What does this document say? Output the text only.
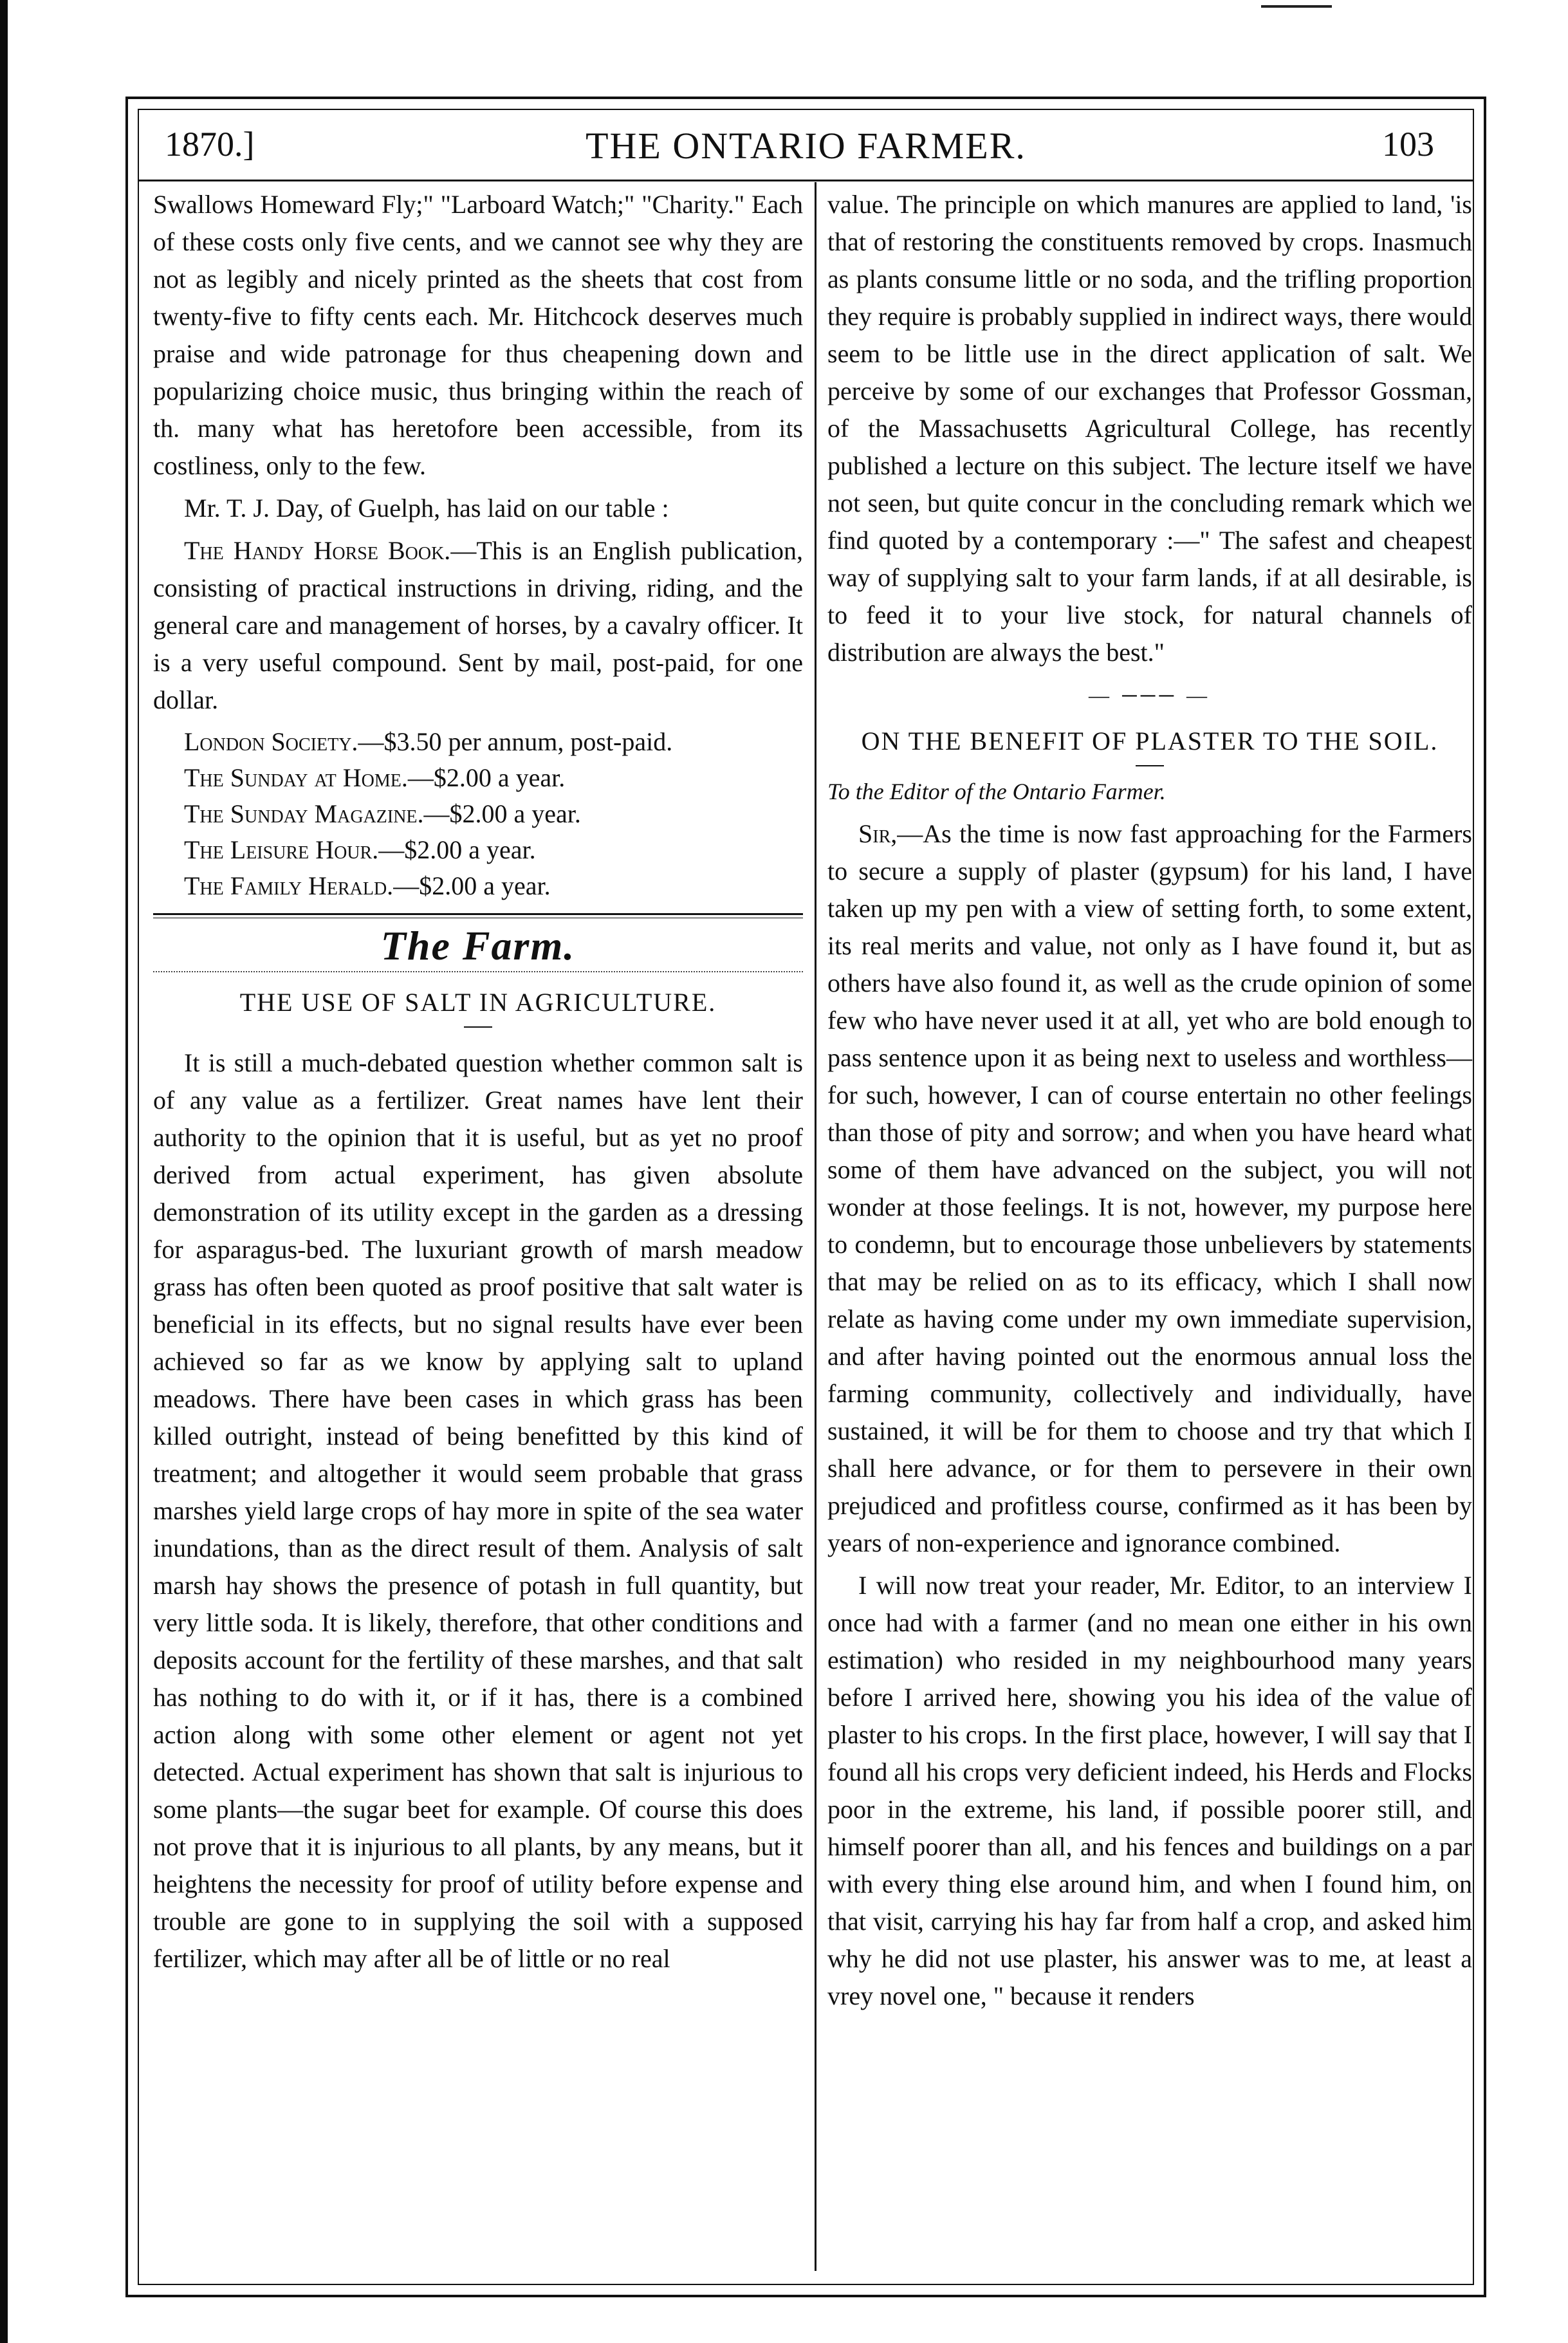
1870.]	THE ONTARIO FARMER.	103

Swallows Homeward Fly;" "Larboard Watch;" "Charity." Each of these costs only five cents, and we cannot see why they are not as legibly and nicely printed as the sheets that cost from twenty-five to fifty cents each. Mr. Hitchcock deserves much praise and wide patronage for thus cheapening down and popularizing choice music, thus bringing within the reach of th. many what has heretofore been accessible, from its costliness, only to the few.

Mr. T. J. Day, of Guelph, has laid on our table :

The Handy Horse Book.—This is an English publication, consisting of practical instructions in driving, riding, and the general care and management of horses, by a cavalry officer. It is a very useful compound. Sent by mail, post-paid, for one dollar.

London Society.—$3.50 per annum, post-paid.
The Sunday at Home.—$2.00 a year.
The Sunday Magazine.—$2.00 a year.
The Leisure Hour.—$2.00 a year.
The Family Herald.—$2.00 a year.
The Farm.
THE USE OF SALT IN AGRICULTURE.

It is still a much-debated question whether common salt is of any value as a fertilizer. Great names have lent their authority to the opinion that it is useful, but as yet no proof derived from actual experiment, has given absolute demonstration of its utility except in the garden as a dressing for asparagus-bed. The luxuriant growth of marsh meadow grass has often been quoted as proof positive that salt water is beneficial in its effects, but no signal results have ever been achieved so far as we know by applying salt to upland meadows. There have been cases in which grass has been killed outright, instead of being benefitted by this kind of treatment; and altogether it would seem probable that grass marshes yield large crops of hay more in spite of the sea water inundations, than as the direct result of them. Analysis of salt marsh hay shows the presence of potash in full quantity, but very little soda. It is likely, therefore, that other conditions and deposits account for the fertility of these marshes, and that salt has nothing to do with it, or if it has, there is a combined action along with some other element or agent not yet detected. Actual experiment has shown that salt is injurious to some plants—the sugar beet for example. Of course this does not prove that it is injurious to all plants, by any means, but it heightens the necessity for proof of utility before expense and trouble are gone to in supplying the soil with a supposed fertilizer, which may after all be of little or no real

value. The principle on which manures are applied to land, 'is that of restoring the constituents removed by crops. Inasmuch as plants consume little or no soda, and the trifling proportion they require is probably supplied in indirect ways, there would seem to be little use in the direct application of salt. We perceive by some of our exchanges that Professor Gossman, of the Massachusetts Agricultural College, has recently published a lecture on this subject. The lecture itself we have not seen, but quite concur in the concluding remark which we find quoted by a contemporary :—" The safest and cheapest way of supplying salt to your farm lands, if at all desirable, is to feed it to your live stock, for natural channels of distribution are always the best."

— ─── —
ON THE BENEFIT OF PLASTER TO THE SOIL.

To the Editor of the Ontario Farmer.

Sir,—As the time is now fast approaching for the Farmers to secure a supply of plaster (gypsum) for his land, I have taken up my pen with a view of setting forth, to some extent, its real merits and value, not only as I have found it, but as others have also found it, as well as the crude opinion of some few who have never used it at all, yet who are bold enough to pass sentence upon it as being next to useless and worthless—for such, however, I can of course entertain no other feelings than those of pity and sorrow; and when you have heard what some of them have advanced on the subject, you will not wonder at those feelings. It is not, however, my purpose here to condemn, but to encourage those unbelievers by statements that may be relied on as to its efficacy, which I shall now relate as having come under my own immediate supervision, and after having pointed out the enormous annual loss the farming community, collectively and individually, have sustained, it will be for them to choose and try that which I shall here advance, or for them to persevere in their own prejudiced and profitless course, confirmed as it has been by years of non-experience and ignorance combined.

I will now treat your reader, Mr. Editor, to an interview I once had with a farmer (and no mean one either in his own estimation) who resided in my neighbourhood many years before I arrived here, showing you his idea of the value of plaster to his crops. In the first place, however, I will say that I found all his crops very deficient indeed, his Herds and Flocks poor in the extreme, his land, if possible poorer still, and himself poorer than all, and his fences and buildings on a par with every thing else around him, and when I found him, on that visit, carrying his hay far from half a crop, and asked him why he did not use plaster, his answer was to me, at least a vrey novel one, " because it renders
